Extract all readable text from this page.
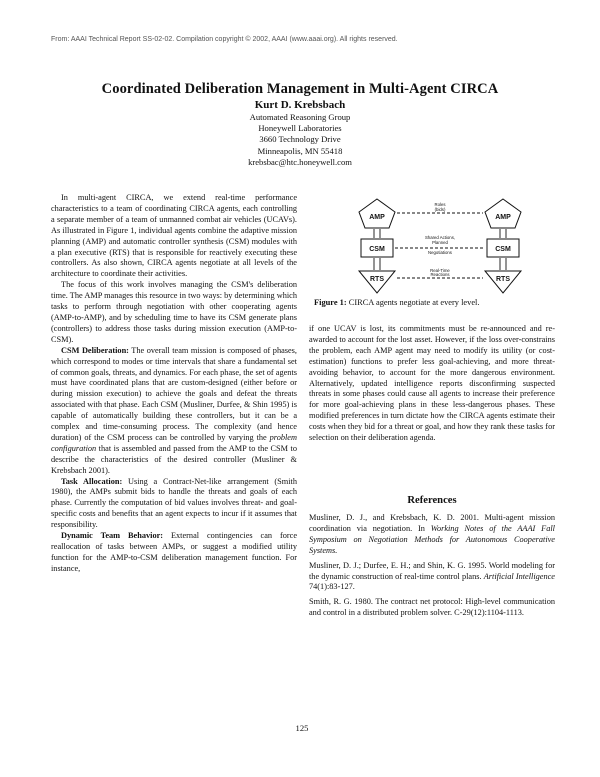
From: AAAI Technical Report SS-02-02. Compilation copyright © 2002, AAAI (www.aaai.org). All rights reserved.
Coordinated Deliberation Management in Multi-Agent CIRCA
Kurt D. Krebsbach
Automated Reasoning Group
Honeywell Laboratories
3660 Technology Drive
Minneapolis, MN 55418
krebsbac@htc.honeywell.com

In multi-agent CIRCA, we extend real-time performance characteristics to a team of coordinating CIRCA agents, each controlling a separate member of a team of unmanned combat air vehicles (UCAVs). As illustrated in Figure 1, individual agents combine the adaptive mission planning (AMP) and automatic controller synthesis (CSM) modules with a plan executive (RTS) that is responsible for reactively executing these controllers. As also shown, CIRCA agents negotiate at all levels of the architecture to coordinate their activities.

The focus of this work involves managing the CSM's deliberation time. The AMP manages this resource in two ways: by determining which tasks to perform through negotiation with other cooperating agents (AMP-to-AMP), and by scheduling time to have its CSM generate plans (controllers) to address those tasks during mission execution (AMP-to-CSM).

CSM Deliberation: The overall team mission is composed of phases, which correspond to modes or time intervals that share a fundamental set of common goals, threats, and dynamics. For each phase, the set of agents must have coordinated plans that are custom-designed (either before or during mission execution) to achieve the goals and defeat the threats associated with that phase. Each CSM (Musliner, Durfee, & Shin 1995) is capable of automatically building these controllers, but it can be a complex and time-consuming process. The complexity (and hence duration) of the CSM process can be controlled by varying the problem configuration that is assembled and passed from the AMP to the CSM to describe the characteristics of the desired controller (Musliner & Krebsbach 2001).

Task Allocation: Using a Contract-Net-like arrangement (Smith 1980), the AMPs submit bids to handle the threats and goals of each phase. Currently the computation of bid values involves threat- and goal-specific costs and benefits that an agent expects to incur if it assumes that responsibility.

Dynamic Team Behavior: External contingencies can force reallocation of tasks between AMPs, or suggest a modified utility function for the AMP-to-CSM deliberation management function. For instance,

AMP	AMP
CSM	CSM
RTS	RTS
Roles
(bids)
Shared Actions,
Planned
Negotiations
Real-Time
Reactions
Figure 1: CIRCA agents negotiate at every level.

if one UCAV is lost, its commitments must be re-announced and re-awarded to account for the lost asset. However, if the loss over-constrains the problem, each AMP agent may need to modify its utility (or cost-estimation) functions to prefer less goal-achieving, and more threat-avoiding behavior, to account for the more dangerous environment. Alternatively, updated intelligence reports disconfirming suspected threats in some phases could cause all agents to increase their preference for more goal-achieving plans in these less-dangerous phases. These modified preferences in turn dictate how the CIRCA agents estimate their costs when they bid for a threat or goal, and how they rank these tasks for selection on their deliberation agenda.

References

Musliner, D. J., and Krebsbach, K. D. 2001. Multi-agent mission coordination via negotiation. In Working Notes of the AAAI Fall Symposium on Negotiation Methods for Autonomous Cooperative Systems.

Musliner, D. J.; Durfee, E. H.; and Shin, K. G. 1995. World modeling for the dynamic construction of real-time control plans. Artificial Intelligence 74(1):83-127.

Smith, R. G. 1980. The contract net protocol: High-level communication and control in a distributed problem solver. C-29(12):1104-1113.

125
